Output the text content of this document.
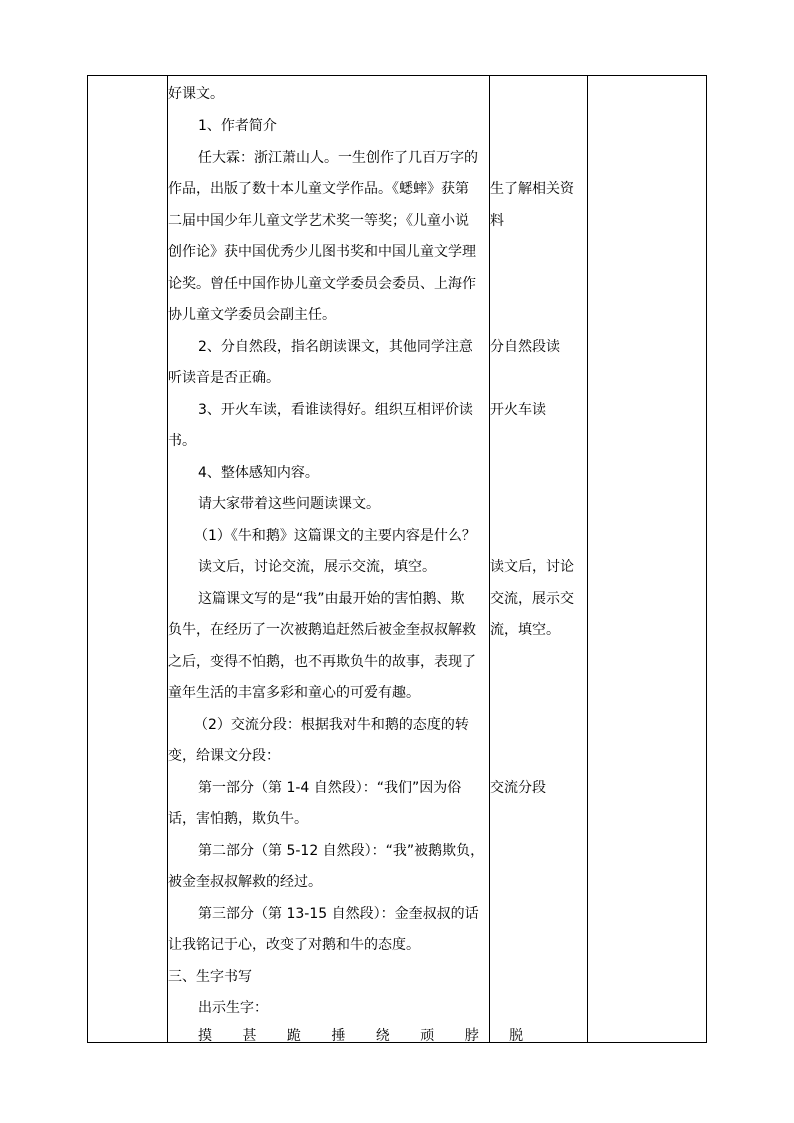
好课文。
1、作者简介
任大霖：浙江萧山人。一生创作了几百万字的
作品，出版了数十本儿童文学作品。《蟋蟀》获第
二届中国少年儿童文学艺术奖一等奖；《儿童小说
创作论》获中国优秀少儿图书奖和中国儿童文学理
论奖。曾任中国作协儿童文学委员会委员、上海作
协儿童文学委员会副主任。
2、分自然段，指名朗读课文，其他同学注意
听读音是否正确。
3、开火车读，看谁读得好。组织互相评价读
书。
4、整体感知内容。
请大家带着这些问题读课文。
（1）《牛和鹅》这篇课文的主要内容是什么？
读文后，讨论交流，展示交流，填空。
这篇课文写的是“我”由最开始的害怕鹅、欺
负牛，在经历了一次被鹅追赶然后被金奎叔叔解救
之后，变得不怕鹅，也不再欺负牛的故事，表现了
童年生活的丰富多彩和童心的可爱有趣。
（2）交流分段：根据我对牛和鹅的态度的转
变，给课文分段：
第一部分（第 1-4 自然段）：“我们”因为俗
话，害怕鹅，欺负牛。
第二部分（第 5-12 自然段）：“我”被鹅欺负，
被金奎叔叔解救的经过。
第三部分（第 13-15 自然段）：金奎叔叔的话
让我铭记于心，改变了对鹅和牛的态度。
三、生字书写
出示生字：
摸 甚 跪 捶 绕 顽 脖 脱
生了解相关资
料
分自然段读
开火车读
读文后，讨论
交流，展示交
流，填空。
交流分段
